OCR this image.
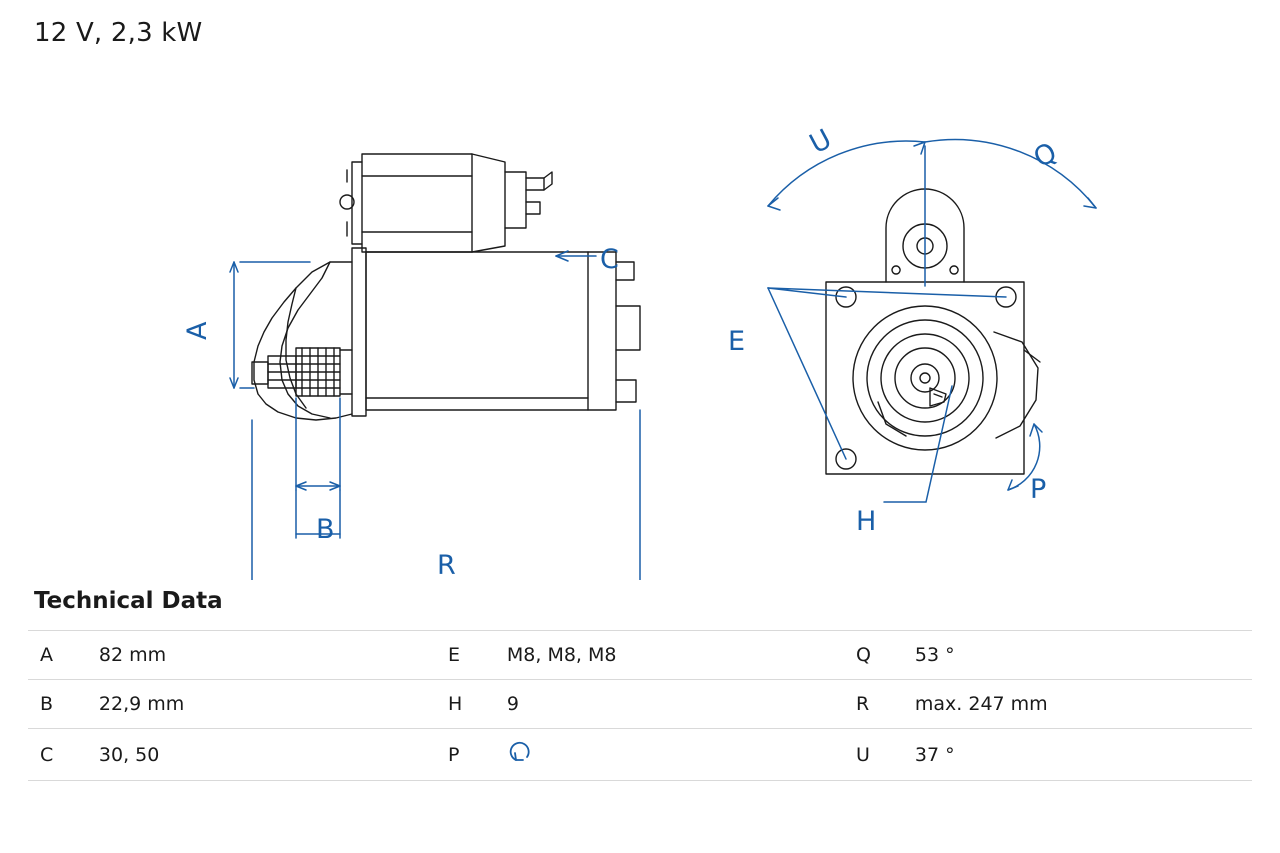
12 V, 2,3 kW
A
B
C
R
U	Q
E
H
P
Technical Data
A	82 mm	E	M8, M8, M8	Q	53 °
B	22,9 mm	H	9	R	max. 247 mm
C	30, 50	P		U	37 °
